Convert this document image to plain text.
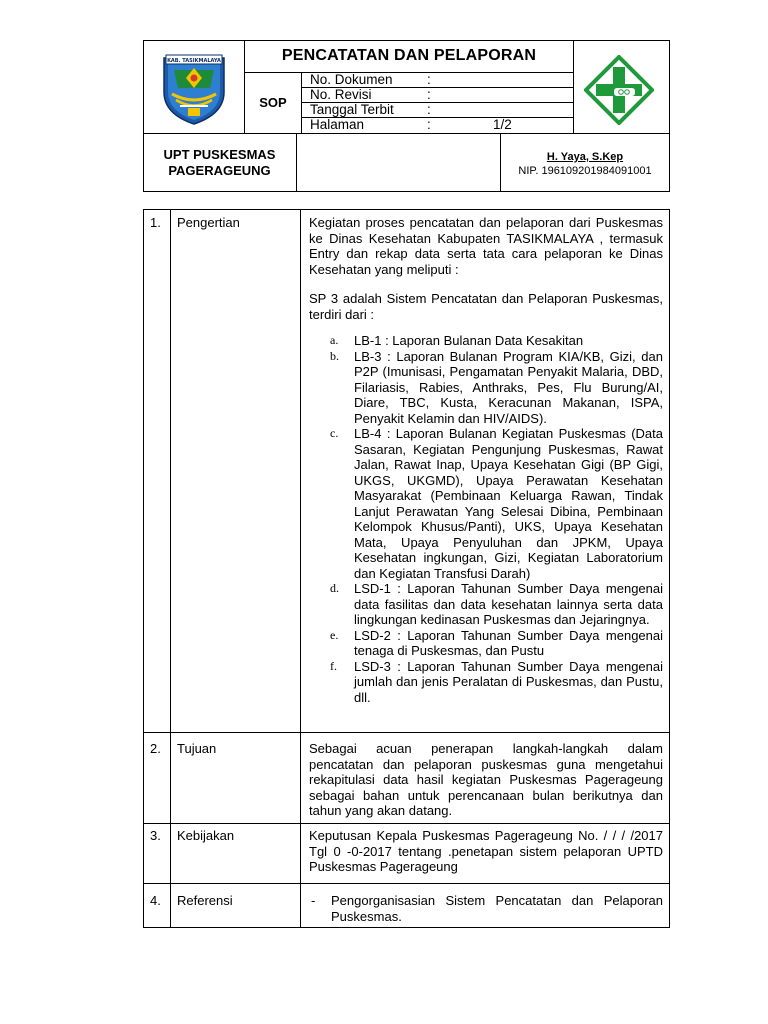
KAB. TASIKMALAYA	PENCATATAN DAN PELAPORAN
SOP
No. Dokumen	:
No. Revisi	:
Tanggal Terbit :
Halaman	:	1/2
UPT PUSKESMAS
PAGERAGEUNG
H. Yaya, S.Kep
NIP. 196109201984091001
1. Pengertian	Kegiatan proses pencatatan dan pelaporan dari Puskesmas ke Dinas Kesehatan Kabupaten TASIKMALAYA , termasuk Entry dan rekap data serta tata cara pelaporan ke Dinas Kesehatan yang meliputi :

SP 3 adalah Sistem Pencatatan dan Pelaporan Puskesmas, terdiri dari :

a. LB-1 : Laporan Bulanan Data Kesakitan
b. LB-3 : Laporan Bulanan Program KIA/KB, Gizi, dan P2P (Imunisasi, Pengamatan Penyakit Malaria, DBD, Filariasis, Rabies, Anthraks, Pes, Flu Burung/AI, Diare, TBC, Kusta, Keracunan Makanan, ISPA, Penyakit Kelamin dan HIV/AIDS).
c. LB-4 : Laporan Bulanan Kegiatan Puskesmas (Data Sasaran, Kegiatan Pengunjung Puskesmas, Rawat Jalan, Rawat Inap, Upaya Kesehatan Gigi (BP Gigi, UKGS, UKGMD), Upaya Perawatan Kesehatan Masyarakat (Pembinaan Keluarga Rawan, Tindak Lanjut Perawatan Yang Selesai Dibina, Pembinaan Kelompok Khusus/Panti), UKS, Upaya Kesehatan Mata, Upaya Penyuluhan dan JPKM, Upaya Kesehatan ingkungan, Gizi, Kegiatan Laboratorium dan Kegiatan Transfusi Darah)
d. LSD-1 : Laporan Tahunan Sumber Daya mengenai data fasilitas dan data kesehatan lainnya serta data lingkungan kedinasan Puskesmas dan Jejaringnya.
e. LSD-2 : Laporan Tahunan Sumber Daya mengenai tenaga di Puskesmas, dan Pustu
f. LSD-3 : Laporan Tahunan Sumber Daya mengenai jumlah dan jenis Peralatan di Puskesmas, dan Pustu, dll.
2. Tujuan	Sebagai acuan penerapan langkah-langkah dalam pencatatan dan pelaporan puskesmas guna mengetahui rekapitulasi data hasil kegiatan Puskesmas Pagerageung sebagai bahan untuk perencanaan bulan berikutnya dan tahun yang akan datang.

3. Kebijakan	Keputusan Kepala Puskesmas Pagerageung No. / / / /2017 Tgl 0 -0-2017 tentang .penetapan sistem pelaporan UPTD Puskesmas Pagerageung

4. Referensi	- Pengorganisasian Sistem Pencatatan dan Pelaporan Puskesmas.
